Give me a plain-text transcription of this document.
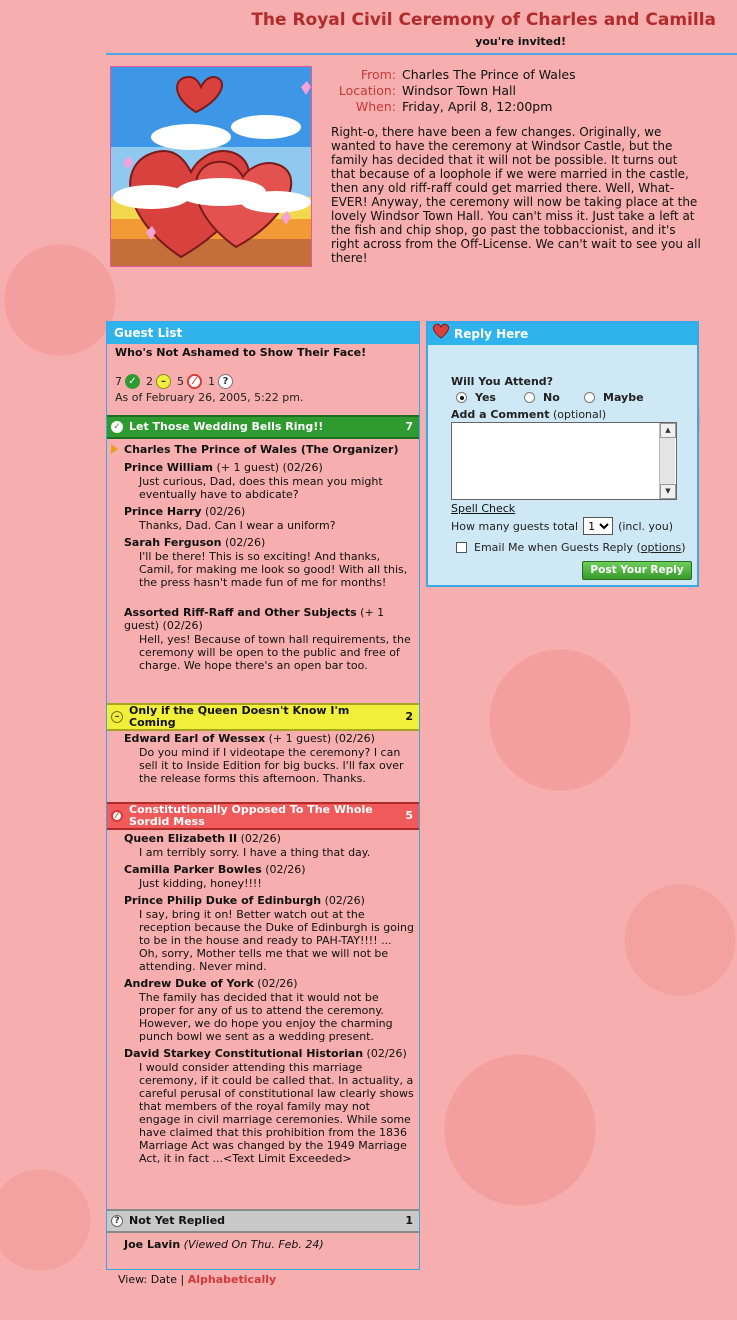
The Royal Civil Ceremony of Charles and Camilla
you're invited!
From: Charles The Prince of Wales
Location: Windsor Town Hall
When: Friday, April 8, 12:00pm
Right-o, there have been a few changes. Originally, we wanted to have the ceremony at Windsor Castle, but the family has decided that it will not be possible. It turns out that because of a loophole if we were married in the castle, then any old riff-raff could get married there. Well, What-EVER! Anyway, the ceremony will now be taking place at the lovely Windsor Town Hall. You can't miss it. Just take a left at the fish and chip shop, go past the tobbaccionist, and it's right across from the Off-License. We can't wait to see you all there!
Guest List
Who's Not Ashamed to Show Their Face!
7 ✓ 2 –	5 ⁄	1 ?
As of February 26, 2005, 5:22 pm.
✓ Let Those Wedding Bells Ring!!	7
Charles The Prince of Wales (The Organizer)
Prince William (+ 1 guest) (02/26)
Just curious, Dad, does this mean you might eventually have to abdicate?
Prince Harry (02/26)
Thanks, Dad. Can I wear a uniform?
Sarah Ferguson (02/26)
I'll be there! This is so exciting! And thanks, Camil, for making me look so good! With all this, the press hasn't made fun of me for months!
Assorted Riff-Raff and Other Subjects (+ 1 guest) (02/26)
Hell, yes! Because of town hall requirements, the ceremony will be open to the public and free of charge. We hope there's an open bar too.
– Only if the Queen Doesn't Know I'm Coming	2
Edward Earl of Wessex (+ 1 guest) (02/26)
Do you mind if I videotape the ceremony? I can sell it to Inside Edition for big bucks. I'll fax over the release forms this afternoon. Thanks.
⁄	Constitutionally Opposed To The Whole Sordid Mess	5
Queen Elizabeth II (02/26)
I am terribly sorry. I have a thing that day.
Camilla Parker Bowles (02/26)
Just kidding, honey!!!!
Prince Philip Duke of Edinburgh (02/26)
I say, bring it on! Better watch out at the reception because the Duke of Edinburgh is going to be in the house and ready to PAH-TAY!!!! ... Oh, sorry, Mother tells me that we will not be attending. Never mind.
Andrew Duke of York (02/26)
The family has decided that it would not be proper for any of us to attend the ceremony. However, we do hope you enjoy the charming punch bowl we sent as a wedding present.
David Starkey Constitutional Historian (02/26)
I would consider attending this marriage ceremony, if it could be called that. In actuality, a careful perusal of constitutional law clearly shows that members of the royal family may not engage in civil marriage ceremonies. While some have claimed that this prohibition from the 1836 Marriage Act was changed by the 1949 Marriage Act, it in fact ...<Text Limit Exceeded>
? Not Yet Replied	1
Joe Lavin (Viewed On Thu. Feb. 24)
View: Date | Alphabetically
Reply Here
Will You Attend?
Yes	No	Maybe
Add a Comment (optional)
▲
▼
Spell Check
How many guests total
1	(incl. you)
Email Me when Guests Reply ( options )
Post Your Reply
